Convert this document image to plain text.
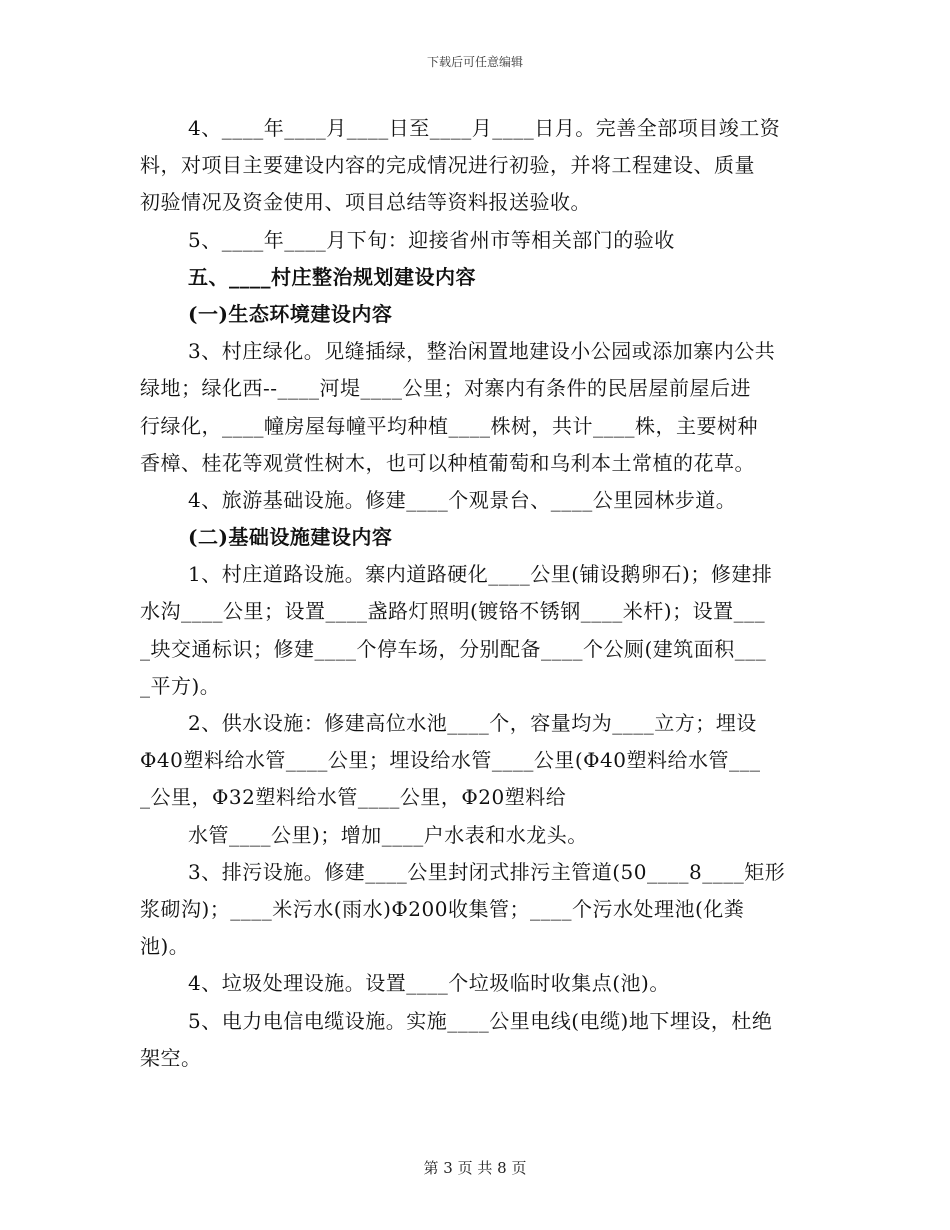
下载后可任意编辑
4、____年____月____日至____月____日月。完善全部项目竣工资
料，对项目主要建设内容的完成情况进行初验，并将工程建设、质量
初验情况及资金使用、项目总结等资料报送验收。
5、____年____月下旬：迎接省州市等相关部门的验收
五、____村庄整治规划建设内容
(一)生态环境建设内容
3、村庄绿化。见缝插绿，整治闲置地建设小公园或添加寨内公共
绿地；绿化西--____河堤____公里；对寨内有条件的民居屋前屋后进
行绿化，____幢房屋每幢平均种植____株树，共计____株，主要树种
香樟、桂花等观赏性树木，也可以种植葡萄和乌利本土常植的花草。
4、旅游基础设施。修建____个观景台、____公里园林步道。
(二)基础设施建设内容
1、村庄道路设施。寨内道路硬化____公里(铺设鹅卵石)；修建排
水沟____公里；设置____盏路灯照明(镀铬不锈钢____米杆)；设置___
_块交通标识；修建____个停车场，分别配备____个公厕(建筑面积___
_平方)。
2、供水设施：修建高位水池____个，容量均为____立方；埋设
Φ40塑料给水管____公里；埋设给水管____公里(Φ40塑料给水管___
_公里，Φ32塑料给水管____公里，Φ20塑料给
水管____公里)；增加____户水表和水龙头。
3、排污设施。修建____公里封闭式排污主管道(50____8____矩形
浆砌沟)；____米污水(雨水)Φ200收集管；____个污水处理池(化粪
池)。
4、垃圾处理设施。设置____个垃圾临时收集点(池)。
5、电力电信电缆设施。实施____公里电线(电缆)地下埋设，杜绝
架空。
第 3 页 共 8 页
